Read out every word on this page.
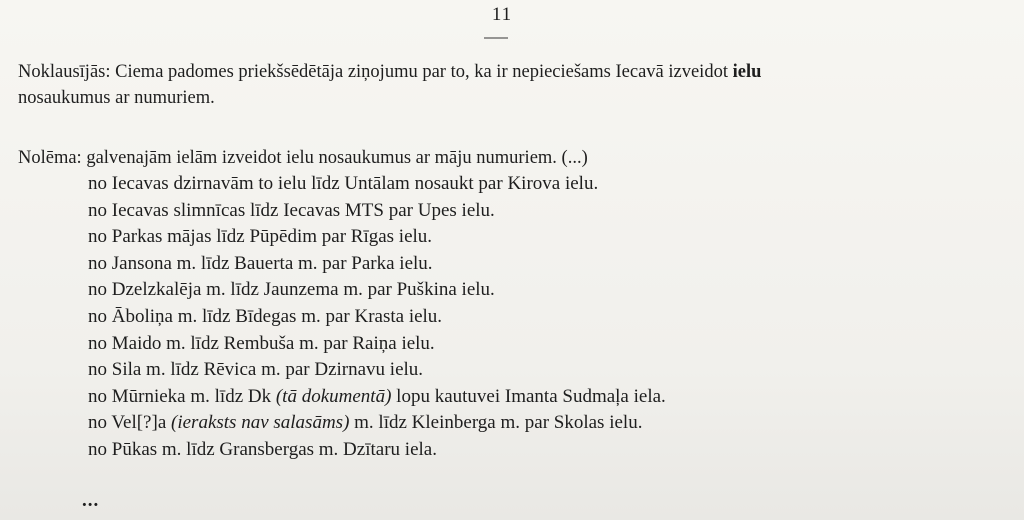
11
Noklausījās: Ciema padomes priekšsēdētāja ziņojumu par to, ka ir nepieciešams Iecavā izveidot ielu
nosaukumus ar numuriem.
Nolēma: galvenajām ielām izveidot ielu nosaukumus ar māju numuriem. (...)
no Iecavas dzirnavām to ielu līdz Untālam nosaukt par Kirova ielu.
no Iecavas slimnīcas līdz Iecavas MTS par Upes ielu.
no Parkas mājas līdz Pūpēdim par Rīgas ielu.
no Jansona m. līdz Bauerta m. par Parka ielu.
no Dzelzkalēja m. līdz Jaunzema m. par Puškina ielu.
no Āboliņa m. līdz Bīdegas m. par Krasta ielu.
no Maido m. līdz Rembuša m. par Raiņa ielu.
no Sila m. līdz Rēvica m. par Dzirnavu ielu.
no Mūrnieka m. līdz Dk (tā dokumentā) lopu kautuvei Imanta Sudmaļa iela.
no Vel[?]a (ieraksts nav salasāms) m. līdz Kleinberga m. par Skolas ielu.
no Pūkas m. līdz Gransbergas m. Dzītaru iela.
...
